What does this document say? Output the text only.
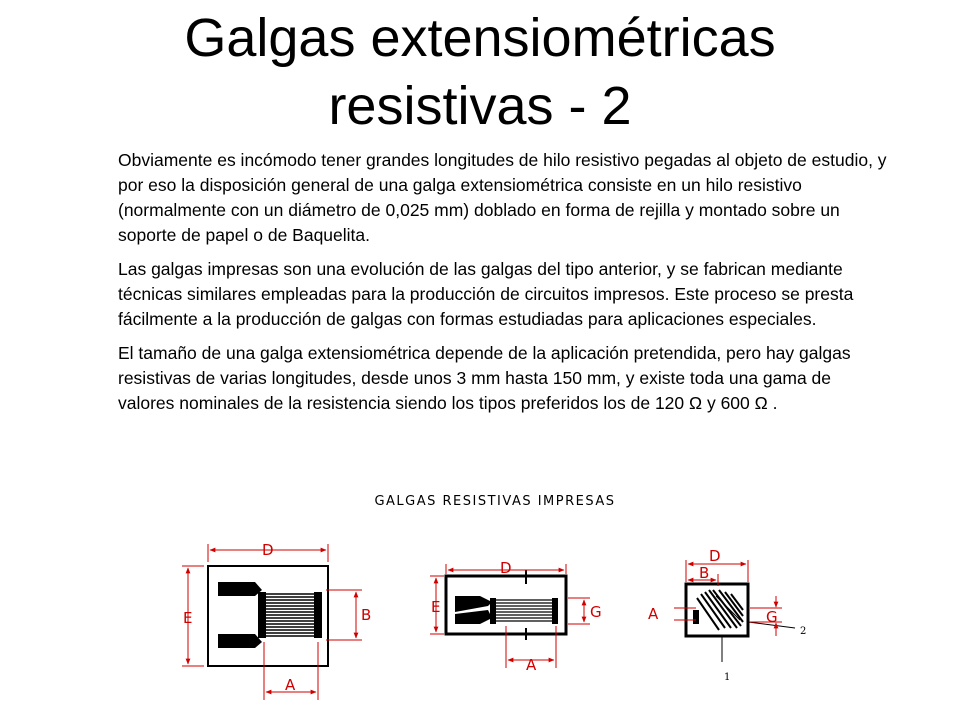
Galgas extensiométricas
resistivas - 2

Obviamente es incómodo tener grandes longitudes de hilo resistivo pegadas al objeto de estudio, y por eso la disposición general de una galga extensiométrica consiste en un hilo resistivo (normalmente con un diámetro de 0,025 mm) doblado en forma de rejilla y montado sobre un soporte de papel o de Baquelita.

Las galgas impresas son una evolución de las galgas del tipo anterior, y se fabrican mediante técnicas similares empleadas para la producción de circuitos impresos. Este proceso se presta fácilmente a la producción de galgas con formas estudiadas para aplicaciones especiales.

El tamaño de una galga extensiométrica depende de la aplicación pretendida, pero hay galgas resistivas de varias longitudes, desde unos 3 mm hasta 150 mm, y existe toda una gama de valores nominales de la resistencia siendo los tipos preferidos los de 120 Ω y 600 Ω .

GALGAS RESISTIVAS IMPRESAS
D
E	B
A
D
E	G
A
D
B
A	G
2
1
